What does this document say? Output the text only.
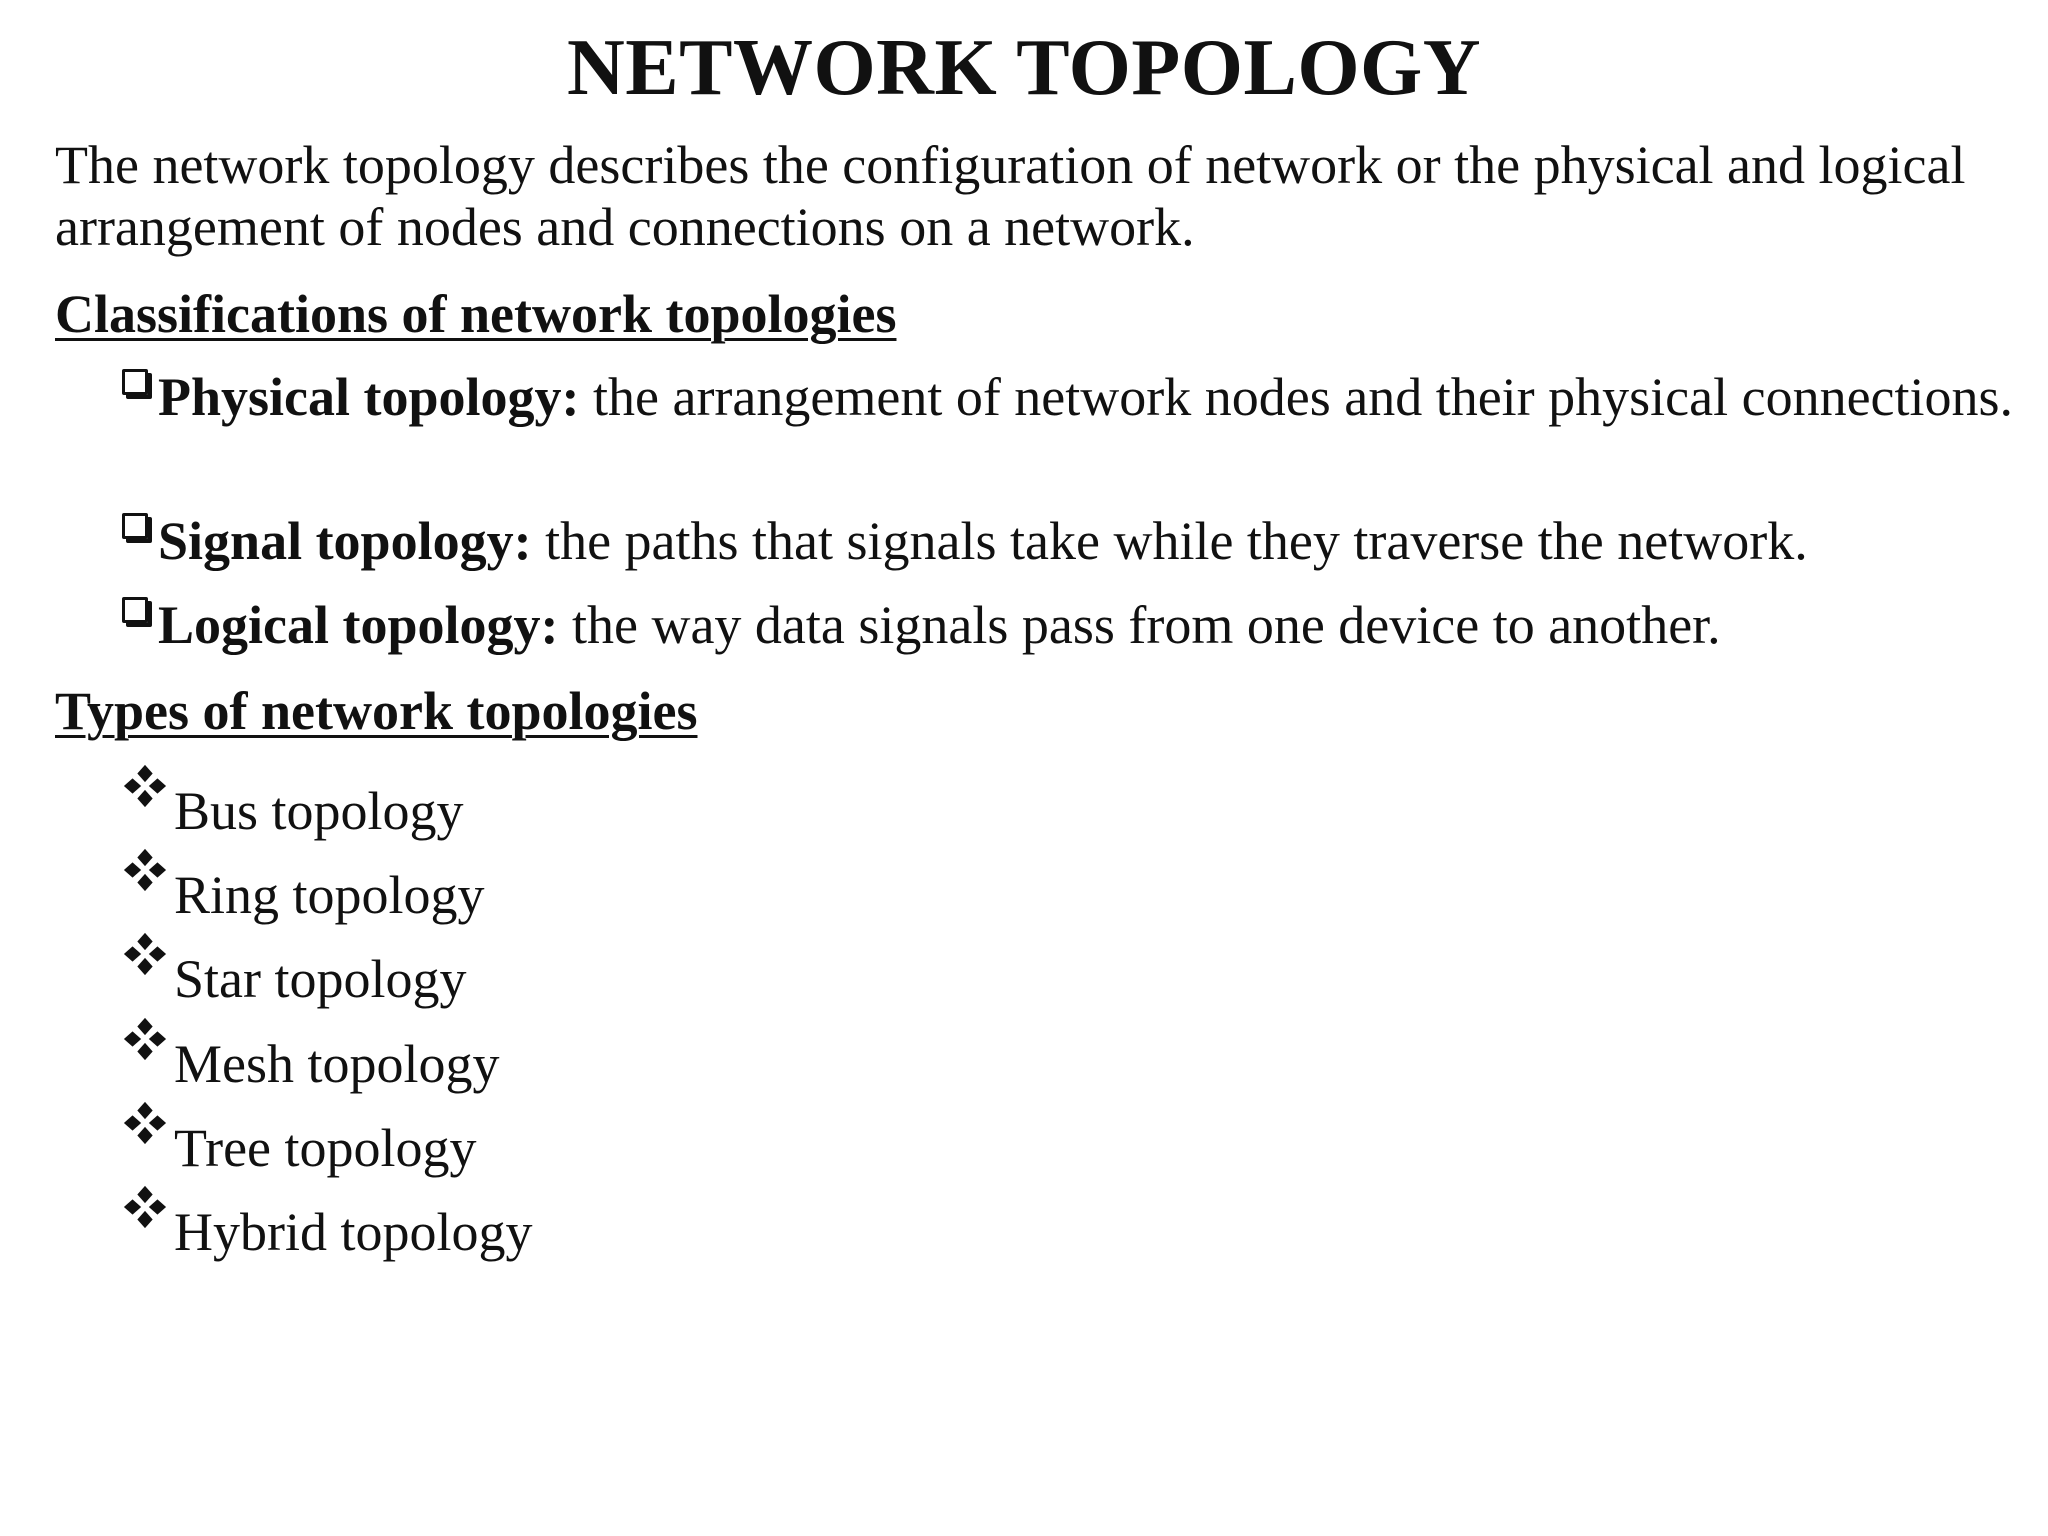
NETWORK TOPOLOGY
The network topology describes the configuration of network or the physical and logical arrangement of nodes and connections on a network.
Classifications of network topologies
Physical topology: the arrangement of network nodes and their physical connections.
Signal topology: the paths that signals take while they traverse the network.
Logical topology: the way data signals pass from one device to another.
Types of network topologies
Bus topology
Ring topology
Star topology
Mesh topology
Tree topology
Hybrid topology
